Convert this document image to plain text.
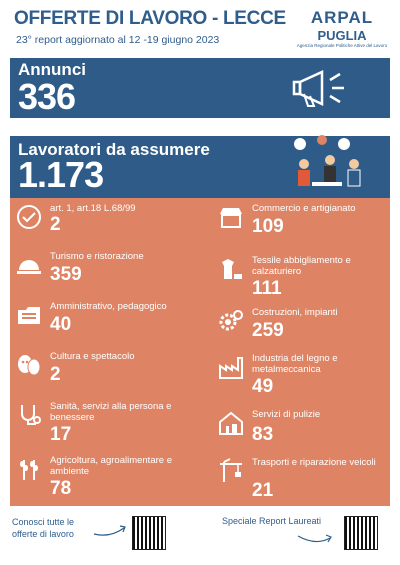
OFFERTE DI LAVORO - LECCE
23° report aggiornato al 12 -19 giugno 2023
ARPAL
PUGLIA
Agenzia Regionale Politiche Attive del Lavoro
Annunci
336
Lavoratori da assumere
1.173
art. 1, art.18 L.68/99
2
Turismo e ristorazione
359
Amministrativo, pedagogico
40
Cultura e spettacolo
2
Sanità, servizi alla persona e benessere
17
Agricoltura, agroalimentare e ambiente
78
Commercio e artigianato
109
Tessile abbigliamento e calzaturiero
111
Costruzioni, impianti
259
Industria del legno e metalmeccanica
49
Servizi di pulizie
83
Trasporti e riparazione veicoli
21
Conosci tutte le
offerte di lavoro
Speciale Report Laureati
